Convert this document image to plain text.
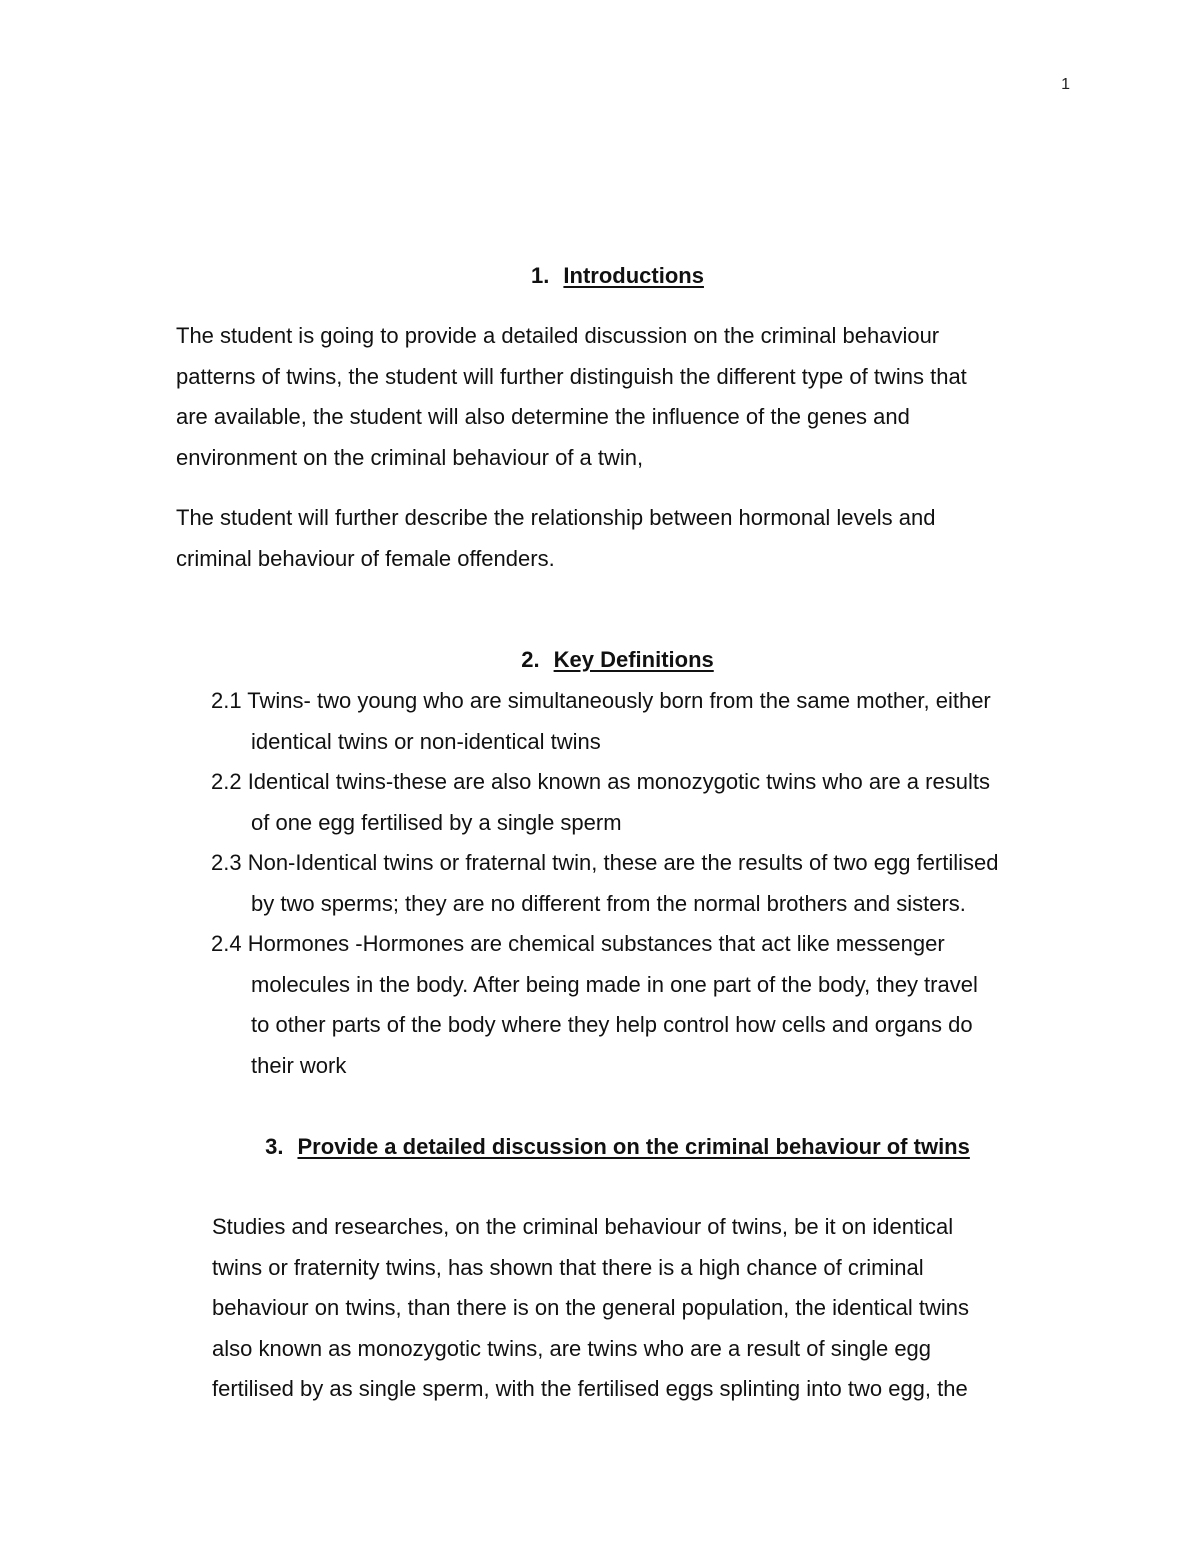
1
1. Introductions
The student is going to provide a detailed discussion on the criminal behaviour
patterns of twins, the student will further distinguish the different type of twins that
are available, the student will also determine the influence of the genes and
environment on the criminal behaviour of a twin,
The student will further describe the relationship between hormonal levels and
criminal behaviour of female offenders.
2. Key Definitions
2.1 Twins- two young who are simultaneously born from the same mother, either
identical twins or non-identical twins
2.2 Identical twins-these are also known as monozygotic twins who are a results
of one egg fertilised by a single sperm
2.3 Non-Identical twins or fraternal twin, these are the results of two egg fertilised
by two sperms; they are no different from the normal brothers and sisters.
2.4 Hormones -Hormones are chemical substances that act like messenger
molecules in the body. After being made in one part of the body, they travel
to other parts of the body where they help control how cells and organs do
their work
3. Provide a detailed discussion on the criminal behaviour of twins
Studies and researches, on the criminal behaviour of twins, be it on identical
twins or fraternity twins, has shown that there is a high chance of criminal
behaviour on twins, than there is on the general population, the identical twins
also known as monozygotic twins, are twins who are a result of single egg
fertilised by as single sperm, with the fertilised eggs splinting into two egg, the
